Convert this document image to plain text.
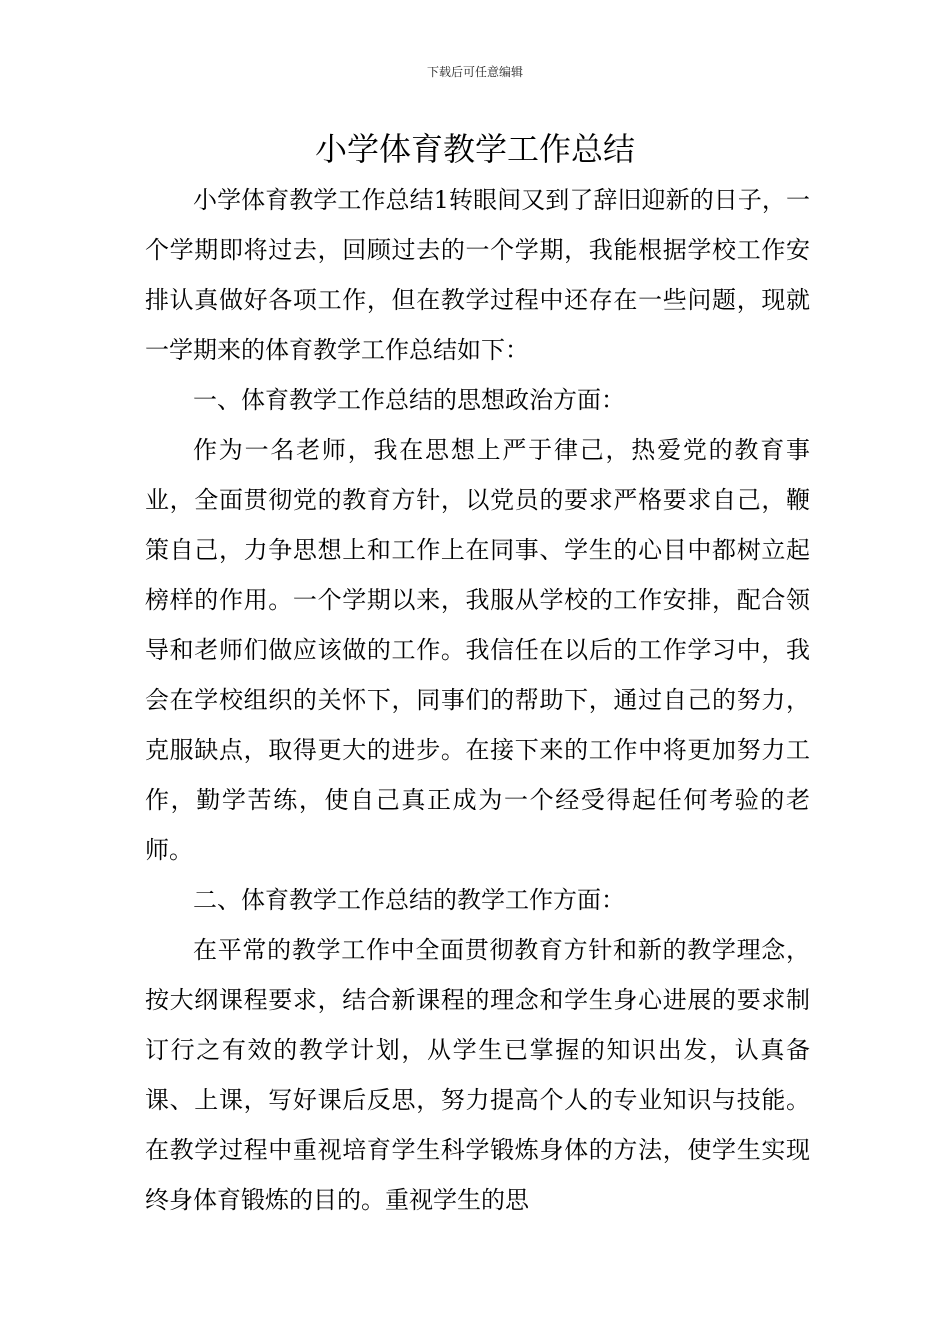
下载后可任意编辑
小学体育教学工作总结

小学体育教学工作总结1转眼间又到了辞旧迎新的日子，一个学期即将过去，回顾过去的一个学期，我能根据学校工作安排认真做好各项工作，但在教学过程中还存在一些问题，现就一学期来的体育教学工作总结如下：

一、体育教学工作总结的思想政治方面：

作为一名老师，我在思想上严于律己，热爱党的教育事业，全面贯彻党的教育方针，以党员的要求严格要求自己，鞭策自己，力争思想上和工作上在同事、学生的心目中都树立起榜样的作用。一个学期以来，我服从学校的工作安排，配合领导和老师们做应该做的工作。我信任在以后的工作学习中，我会在学校组织的关怀下，同事们的帮助下，通过自己的努力，克服缺点，取得更大的进步。在接下来的工作中将更加努力工作，勤学苦练，使自己真正成为一个经受得起任何考验的老师。

二、体育教学工作总结的教学工作方面：

在平常的教学工作中全面贯彻教育方针和新的教学理念，按大纲课程要求，结合新课程的理念和学生身心进展的要求制订行之有效的教学计划，从学生已掌握的知识出发，认真备课、上课，写好课后反思，努力提高个人的专业知识与技能。在教学过程中重视培育学生科学锻炼身体的方法，使学生实现终身体育锻炼的目的。重视学生的思
